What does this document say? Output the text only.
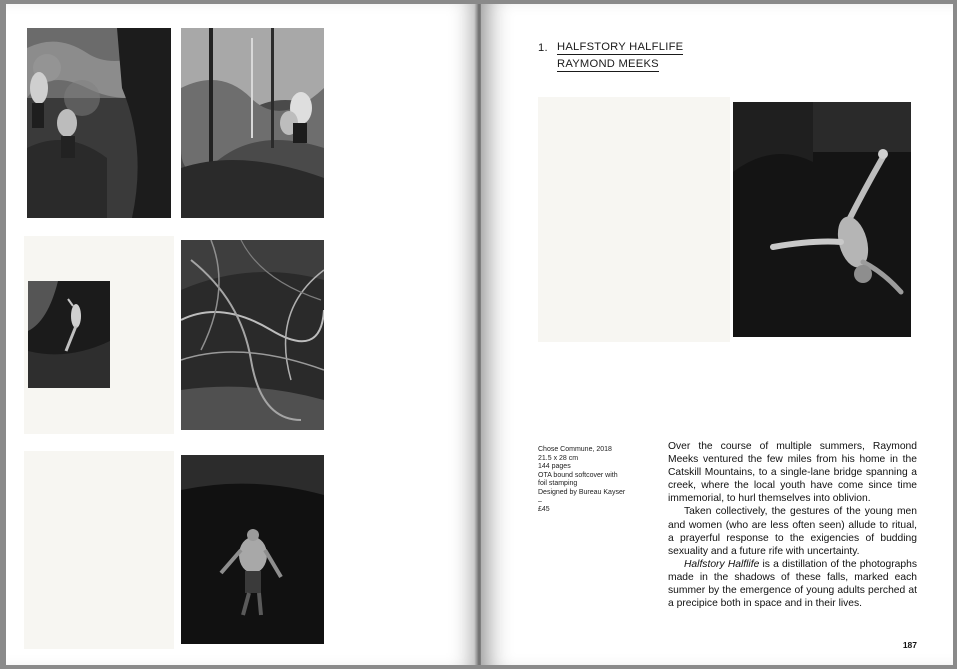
1. HALFSTORY HALFLIFE
RAYMOND MEEKS
Chose Commune, 2018
21.5 x 28 cm
144 pages
OTA bound softcover with
foil stamping
Designed by Bureau Kayser
–
£45

Over the course of multiple summers, Raymond Meeks ventured the few miles from his home in the Catskill Mountains, to a single-lane bridge spanning a creek, where the local youth have come since time immemorial, to hurl themselves into oblivion.

Taken collectively, the gestures of the young men and women (who are less often seen) allude to ritual, a prayerful response to the exigencies of budding sexuality and a future rife with uncertainty.

Halfstory Halflife is a distillation of the photographs made in the shadows of these falls, marked each summer by the emergence of young adults perched at a precipice both in space and in their lives.

187
